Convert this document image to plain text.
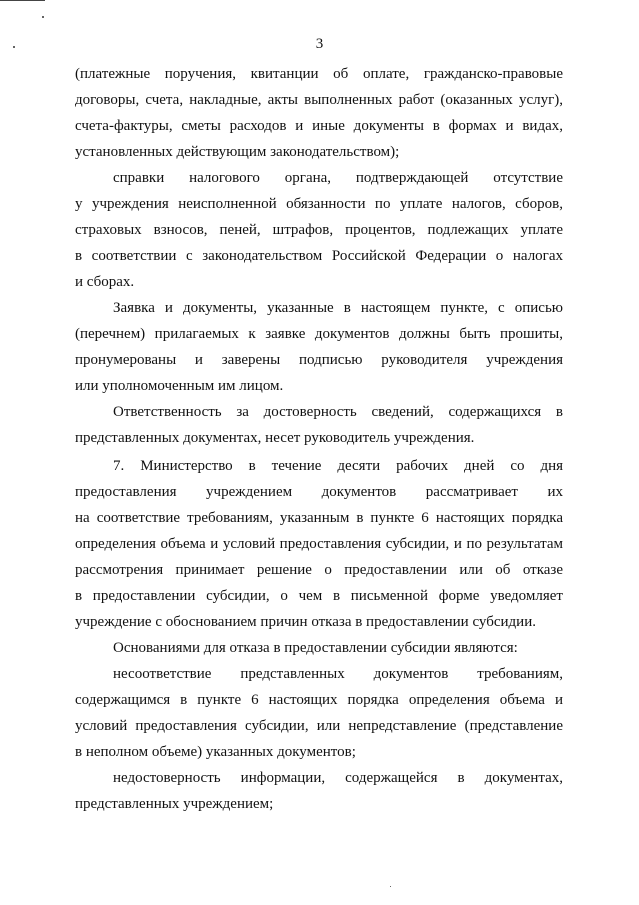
3
(платежные поручения, квитанции об оплате, гражданско-правовые
договоры, счета, накладные, акты выполненных работ (оказанных услуг),
счета-фактуры, сметы расходов и иные документы в формах и видах,
установленных действующим законодательством);
справки налогового органа, подтверждающей отсутствие
у учреждения неисполненной обязанности по уплате налогов, сборов,
страховых взносов, пеней, штрафов, процентов, подлежащих уплате
в соответствии с законодательством Российской Федерации о налогах
и сборах.
Заявка и документы, указанные в настоящем пункте, с описью
(перечнем) прилагаемых к заявке документов должны быть прошиты,
пронумерованы и заверены подписью руководителя учреждения
или уполномоченным им лицом.
Ответственность за достоверность сведений, содержащихся в
представленных документах, несет руководитель учреждения.
7. Министерство в течение десяти рабочих дней со дня
предоставления учреждением документов рассматривает их
на соответствие требованиям, указанным в пункте 6 настоящих порядка
определения объема и условий предоставления субсидии, и по результатам
рассмотрения принимает решение о предоставлении или об отказе
в предоставлении субсидии, о чем в письменной форме уведомляет
учреждение с обоснованием причин отказа в предоставлении субсидии.
Основаниями для отказа в предоставлении субсидии являются:
несоответствие представленных документов требованиям,
содержащимся в пункте 6 настоящих порядка определения объема и
условий предоставления субсидии, или непредставление (представление
в неполном объеме) указанных документов;
недостоверность информации, содержащейся в документах,
представленных учреждением;
